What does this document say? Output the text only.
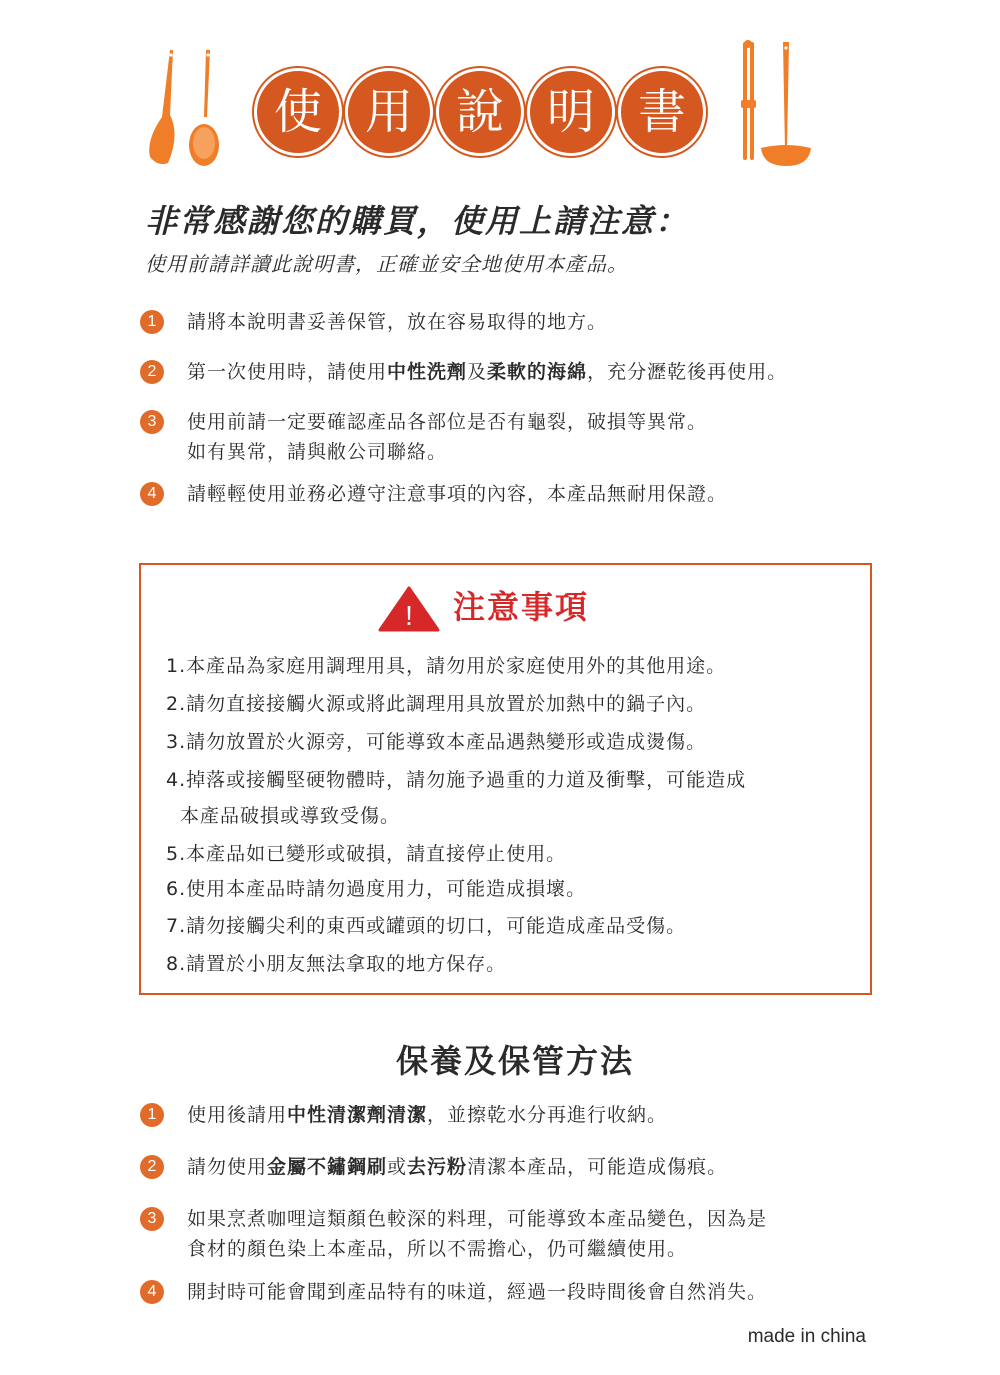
使 用 說 明 書
非常感謝您的購買，使用上請注意：
使用前請詳讀此說明書，正確並安全地使用本產品。
1	請將本說明書妥善保管，放在容易取得的地方。
2	第一次使用時，請使用中性洗劑及柔軟的海綿，充分瀝乾後再使用。
3	使用前請一定要確認產品各部位是否有龜裂，破損等異常。
如有異常，請與敝公司聯絡。
4	請輕輕使用並務必遵守注意事項的內容，本產品無耐用保證。
! 注意事項
1.本產品為家庭用調理用具，請勿用於家庭使用外的其他用途。
2.請勿直接接觸火源或將此調理用具放置於加熱中的鍋子內。
3.請勿放置於火源旁，可能導致本產品遇熱變形或造成燙傷。
4.掉落或接觸堅硬物體時，請勿施予過重的力道及衝擊，可能造成
本產品破損或導致受傷。
5.本產品如已變形或破損，請直接停止使用。
6.使用本產品時請勿過度用力，可能造成損壞。
7.請勿接觸尖利的東西或罐頭的切口，可能造成產品受傷。
8.請置於小朋友無法拿取的地方保存。
保養及保管方法
1	使用後請用中性清潔劑清潔，並擦乾水分再進行收納。
2	請勿使用金屬不鏽鋼刷或去污粉清潔本產品，可能造成傷痕。
3	如果烹煮咖哩這類顏色較深的料理，可能導致本產品變色，因為是
食材的顏色染上本產品，所以不需擔心，仍可繼續使用。
4	開封時可能會聞到產品特有的味道，經過一段時間後會自然消失。
made in china
